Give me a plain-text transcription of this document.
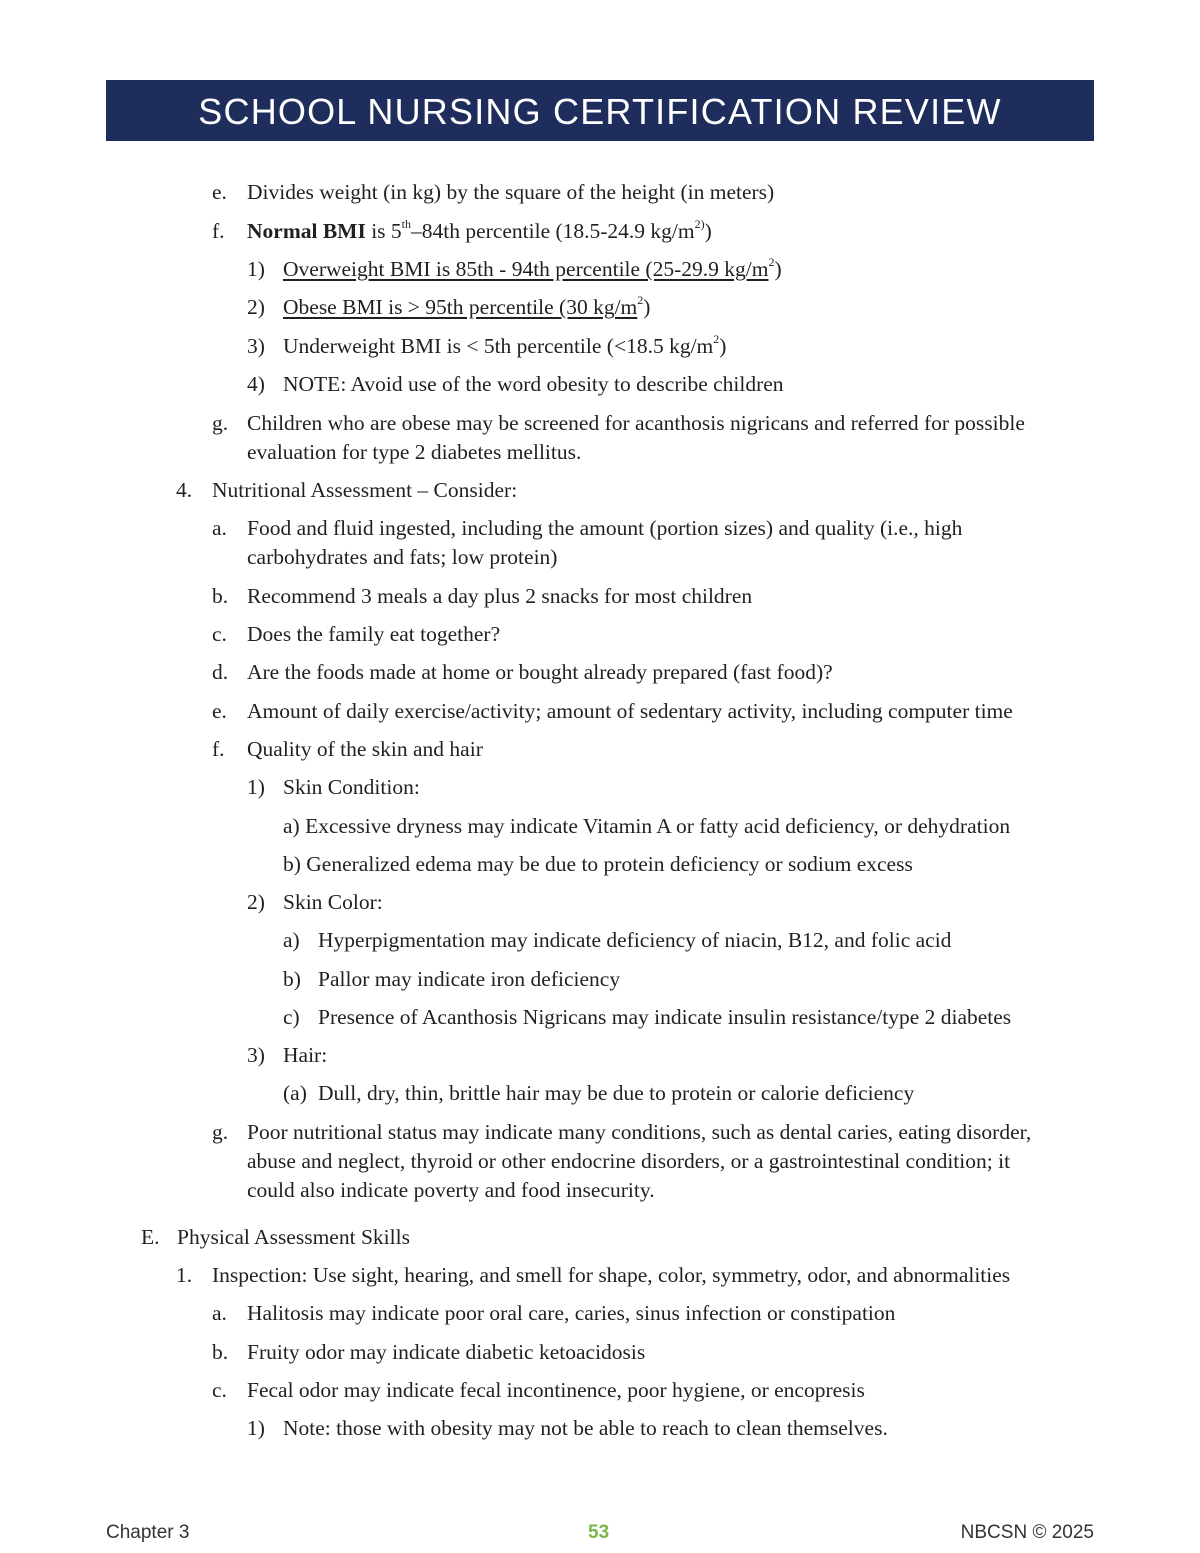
SCHOOL NURSING CERTIFICATION REVIEW
e. Divides weight (in kg) by the square of the height (in meters)
f. Normal BMI is 5th–84th percentile (18.5-24.9 $kg/m^{2)}$)
1) Overweight BMI is 85th - 94th percentile (25-29.9 $kg/m^2$)
2) Obese BMI is > 95th percentile (30 $kg/m^2$)
3) Underweight BMI is < 5th percentile (<18.5 $kg/m^2$)
4) NOTE: Avoid use of the word obesity to describe children
g. Children who are obese may be screened for acanthosis nigricans and referred for possible
evaluation for type 2 diabetes mellitus.
4. Nutritional Assessment – Consider:
a. Food and fluid ingested, including the amount (portion sizes) and quality (i.e., high
carbohydrates and fats; low protein)
b. Recommend 3 meals a day plus 2 snacks for most children
c. Does the family eat together?
d. Are the foods made at home or bought already prepared (fast food)?
e. Amount of daily exercise/activity; amount of sedentary activity, including computer time
f. Quality of the skin and hair
1) Skin Condition:
a) Excessive dryness may indicate Vitamin A or fatty acid deficiency, or dehydration
b) Generalized edema may be due to protein deficiency or sodium excess
2) Skin Color:
a) Hyperpigmentation may indicate deficiency of niacin, B12, and folic acid
b) Pallor may indicate iron deficiency
c) Presence of Acanthosis Nigricans may indicate insulin resistance/type 2 diabetes
3) Hair:
(a) Dull, dry, thin, brittle hair may be due to protein or calorie deficiency
g. Poor nutritional status may indicate many conditions, such as dental caries, eating disorder,
abuse and neglect, thyroid or other endocrine disorders, or a gastrointestinal condition; it
could also indicate poverty and food insecurity.
E. Physical Assessment Skills
1. Inspection: Use sight, hearing, and smell for shape, color, symmetry, odor, and abnormalities
a. Halitosis may indicate poor oral care, caries, sinus infection or constipation
b. Fruity odor may indicate diabetic ketoacidosis
c. Fecal odor may indicate fecal incontinence, poor hygiene, or encopresis
1) Note: those with obesity may not be able to reach to clean themselves.
Chapter 3	53	NBCSN © 2025
